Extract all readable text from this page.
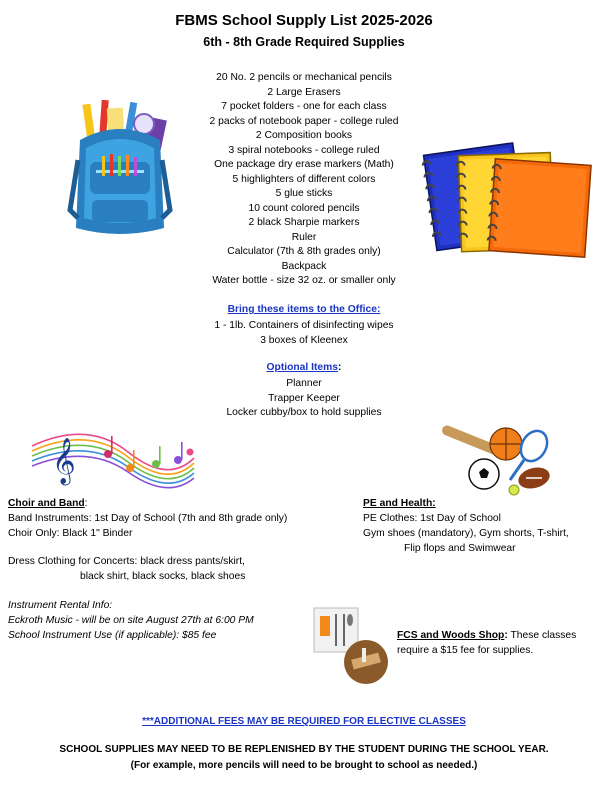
FBMS School Supply List 2025-2026
6th - 8th Grade Required Supplies
20 No. 2 pencils or mechanical pencils
2 Large Erasers
7 pocket folders - one for each class
2 packs of notebook paper - college ruled
2 Composition books
3 spiral notebooks - college ruled
One package dry erase markers (Math)
5 highlighters of different colors
5 glue sticks
10 count colored pencils
2 black Sharpie markers
Ruler
Calculator (7th & 8th grades only)
Backpack
Water bottle - size 32 oz. or smaller only
Bring these items to the Office:
1 - 1lb. Containers of disinfecting wipes
3 boxes of Kleenex
Optional Items:
Planner
Trapper Keeper
Locker cubby/box to hold supplies
𝄞
Choir and Band:
Band Instruments: 1st Day of School (7th and 8th grade only)
Choir Only: Black 1" Binder
Dress Clothing for Concerts: black dress pants/skirt,
black shirt, black socks, black shoes
Instrument Rental Info:
Eckroth Music - will be on site August 27th at 6:00 PM
School Instrument Use (if applicable): $85 fee
PE and Health:
PE Clothes: 1st Day of School
Gym shoes (mandatory), Gym shorts, T-shirt,
Flip flops and Swimwear
FCS and Woods Shop: These classes
require a $15 fee for supplies.
***ADDITIONAL FEES MAY BE REQUIRED FOR ELECTIVE CLASSES
SCHOOL SUPPLIES MAY NEED TO BE REPLENISHED BY THE STUDENT DURING THE SCHOOL YEAR.
(For example, more pencils will need to be brought to school as needed.)
